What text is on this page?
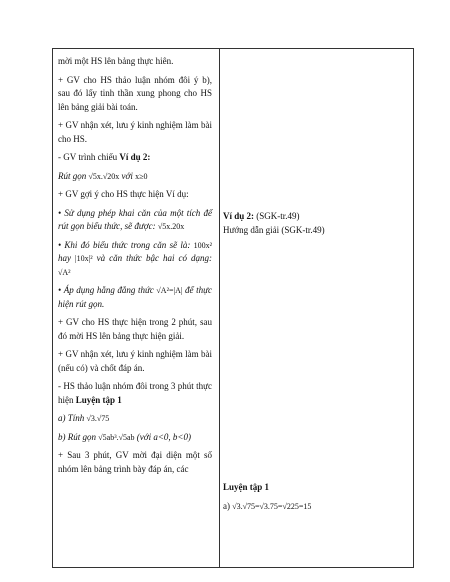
mời một HS lên bảng thực hiên.

+ GV cho HS thảo luận nhóm đôi ý b), sau đó lấy tinh thần xung phong cho HS lên bảng giải bài toán.

+ GV nhận xét, lưu ý kinh nghiệm làm bài cho HS.

- GV trình chiếu Ví dụ 2:

Rút gọn √5x.√20x với x≥0

+ GV gợi ý cho HS thực hiện Ví dụ:

• Sử dụng phép khai căn của một tích để rút gọn biểu thức, sẽ được: √5x.20x

• Khi đó biểu thức trong căn sẽ là: 100x² hay |10x|² và căn thức bậc hai có dạng: √A²

• Áp dụng hằng đẳng thức √A²=|A| để thực hiện rút gọn.

+ GV cho HS thực hiện trong 2 phút, sau đó mời HS lên bảng thực hiện giải.

+ GV nhận xét, lưu ý kinh nghiệm làm bài (nếu có) và chốt đáp án.

- HS thảo luận nhóm đôi trong 3 phút thực hiện Luyện tập 1

a) Tính √3.√75

b) Rút gọn √5ab³.√5ab (với a<0, b<0)

+ Sau 3 phút, GV mời đại diện một số nhóm lên bảng trình bày đáp án, các

Ví dụ 2: (SGK-tr.49)

Hướng dẫn giải (SGK-tr.49)

Luyện tập 1

a) √3.√75=√3.75=√225=15
